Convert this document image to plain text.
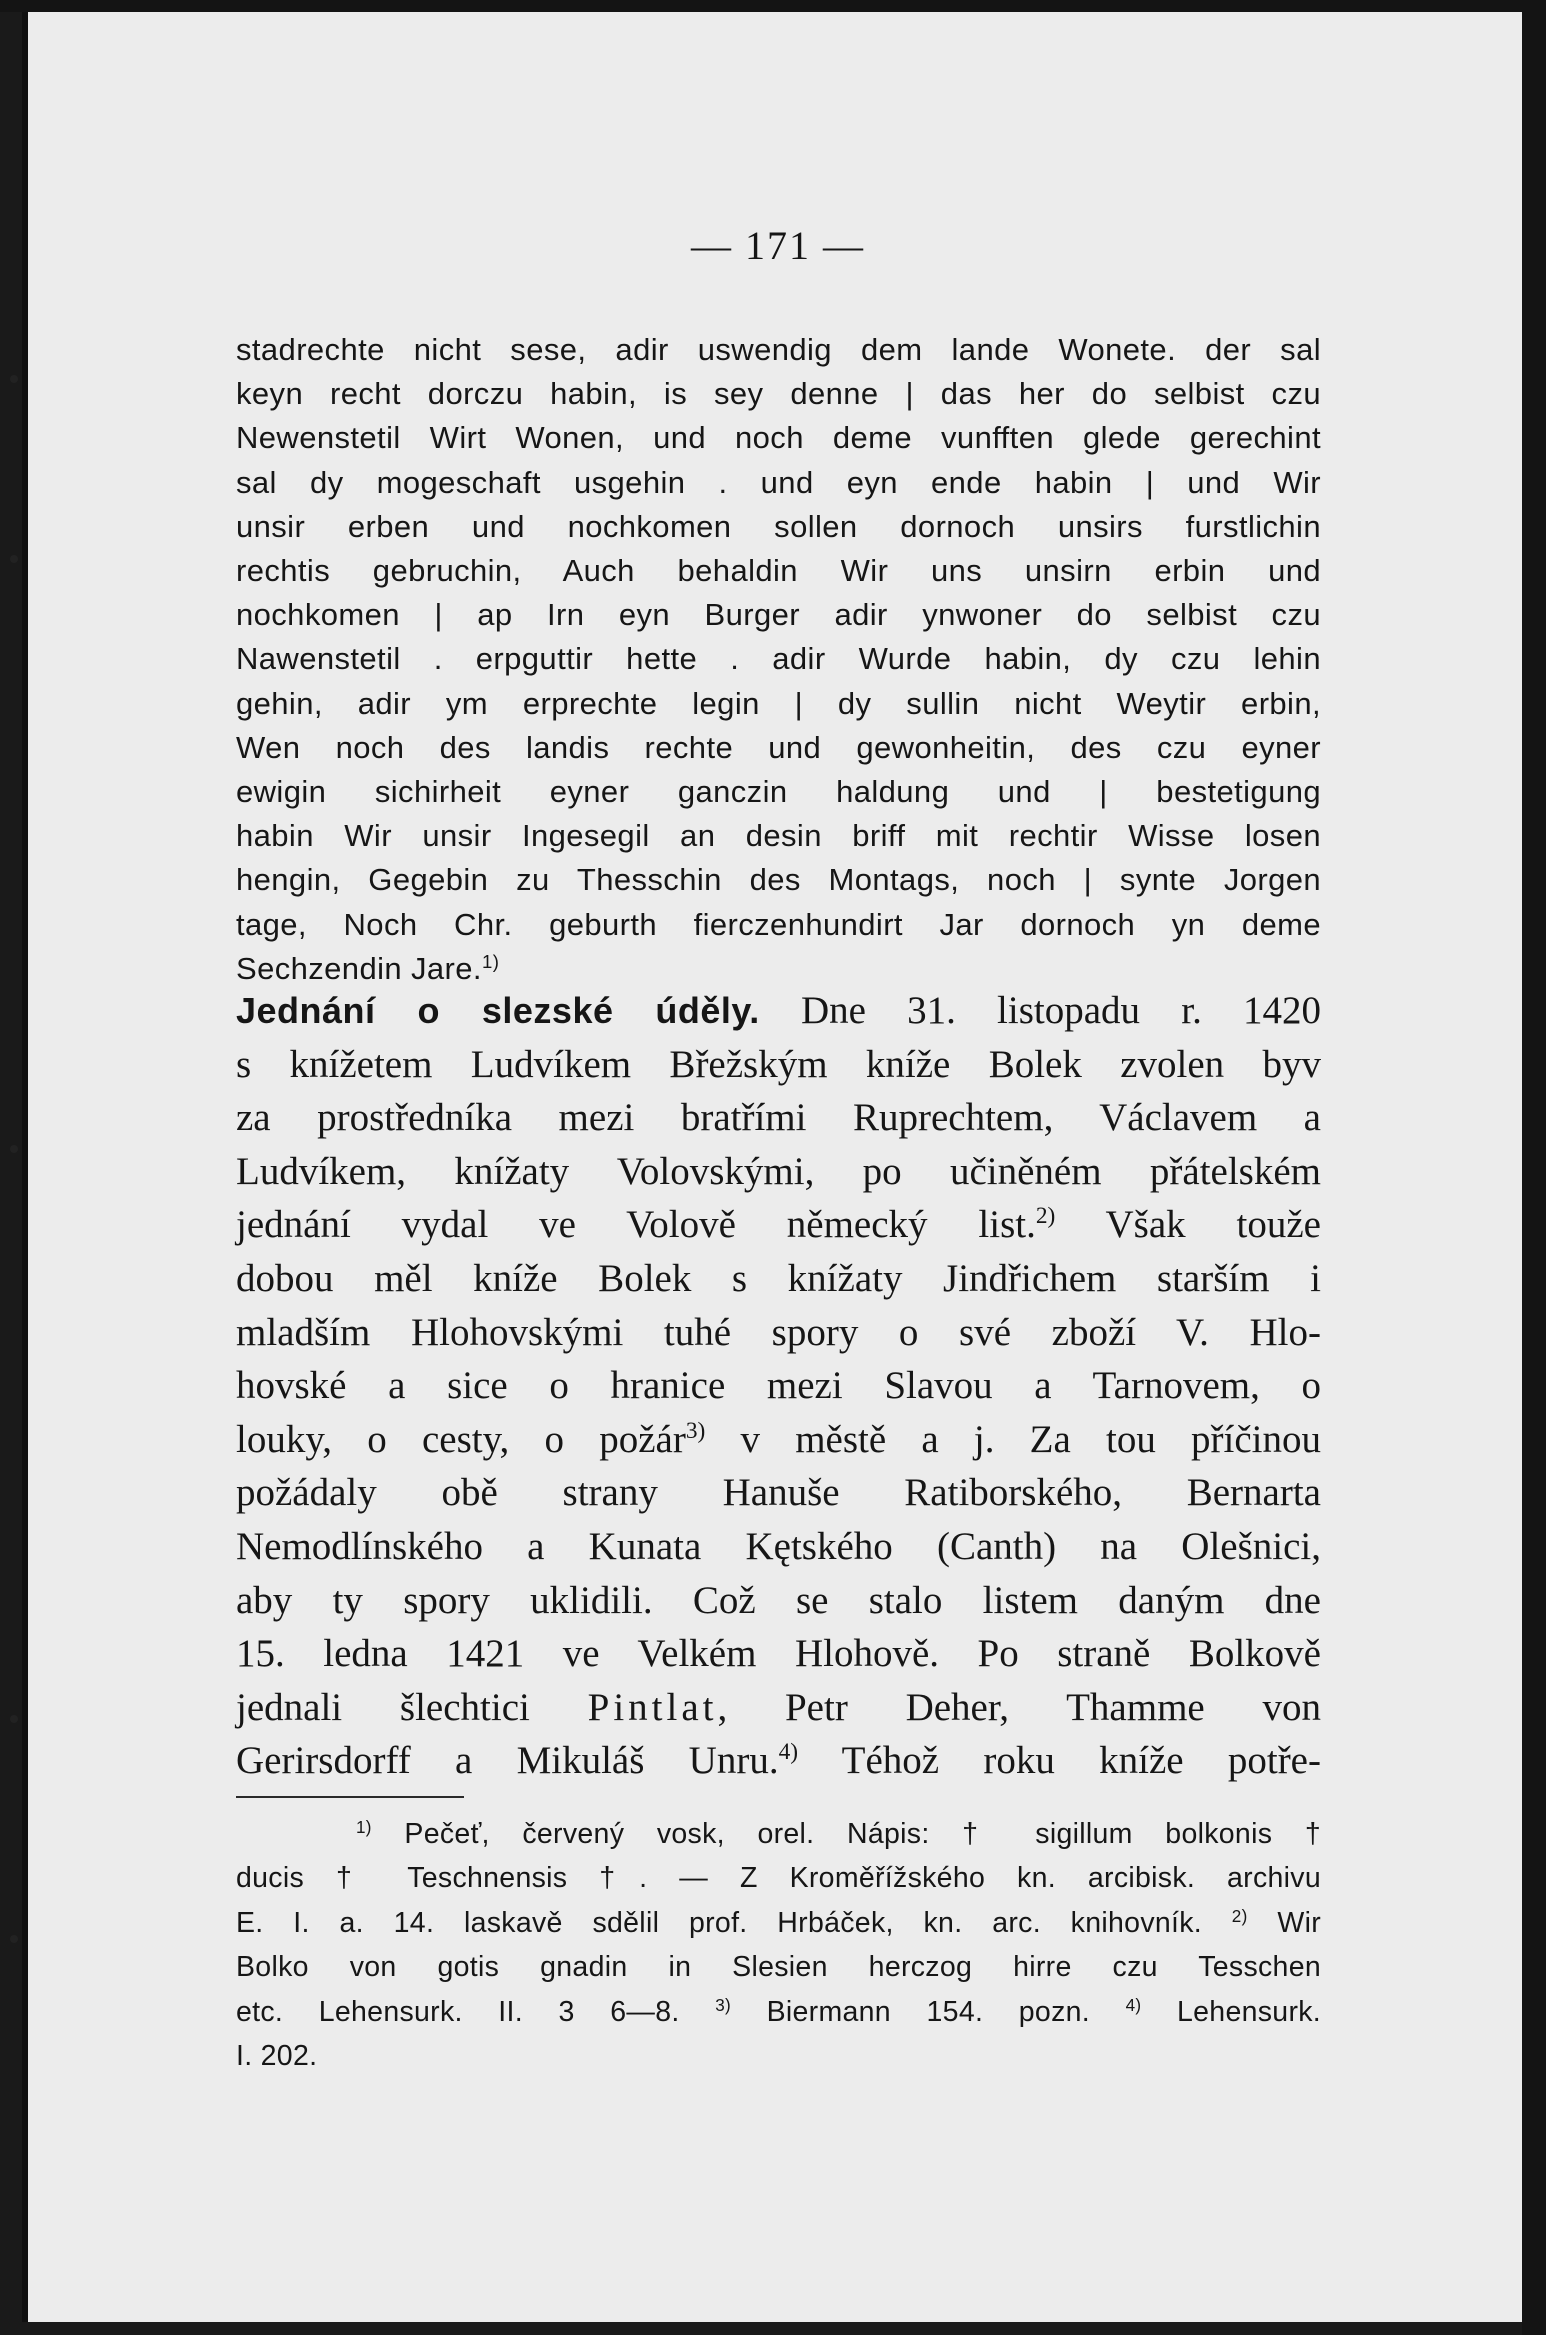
— 171 —
stadrechte nicht sese, adir uswendig dem lande Wonete. der sal
keyn recht dorczu habin, is sey denne | das her do selbist czu
Newenstetil Wirt Wonen, und noch deme vunfften glede gerechint
sal dy mogeschaft usgehin . und eyn ende habin | und Wir
unsir erben und nochkomen sollen dornoch unsirs furstlichin
rechtis gebruchin, Auch behaldin Wir uns unsirn erbin und
nochkomen | ap Irn eyn Burger adir ynwoner do selbist czu
Nawenstetil . erpguttir hette . adir Wurde habin, dy czu lehin
gehin, adir ym erprechte legin | dy sullin nicht Weytir erbin,
Wen noch des landis rechte und gewonheitin, des czu eyner
ewigin sichirheit eyner ganczin haldung und | bestetigung
habin Wir unsir Ingesegil an desin briff mit rechtir Wisse losen
hengin, Gegebin zu Thesschin des Montags, noch | synte Jorgen
tage, Noch Chr. geburth fierczenhundirt Jar dornoch yn deme
Sechzendin Jare.$^{1)}$
Jednání o slezské úděly. Dne 31. listopadu r. 1420
s knížetem Ludvíkem Břežským kníže Bolek zvolen byv
za prostředníka mezi bratřími Ruprechtem, Václavem a
Ludvíkem, knížaty Volovskými, po učiněném přátelském
jednání vydal ve Volově německý list.$^{2)}$ Však touže
dobou měl kníže Bolek s knížaty Jindřichem starším i
mladším Hlohovskými tuhé spory o své zboží V. Hlo-
hovské a sice o hranice mezi Slavou a Tarnovem, o
louky, o cesty, o požár$^{3)}$ v městě a j. Za tou příčinou
požádaly obě strany Hanuše Ratiborského, Bernarta
Nemodlínského a Kunata Kętského (Canth) na Olešnici,
aby ty spory uklidili. Což se stalo listem daným dne
15. ledna 1421 ve Velkém Hlohově. Po straně Bolkově
jednali šlechtici Pintlat, Petr Deher, Thamme von
Gerirsdorff a Mikuláš Unru.$^{4)}$ Téhož roku kníže potře-
$^{1)}$ Pečeť, červený vosk, orel. Nápis: † sigillum bolkonis †
ducis † Teschnensis †. — Z Kroměřížského kn. arcibisk. archivu
E. I. a. 14. laskavě sdělil prof. Hrbáček, kn. arc. knihovník. $^{2)}$ Wir
Bolko von gotis gnadin in Slesien herczog hirre czu Tesschen
etc. Lehensurk. II. 3 6—8. $^{3)}$ Biermann 154. pozn. $^{4)}$ Lehensurk.
I. 202.
